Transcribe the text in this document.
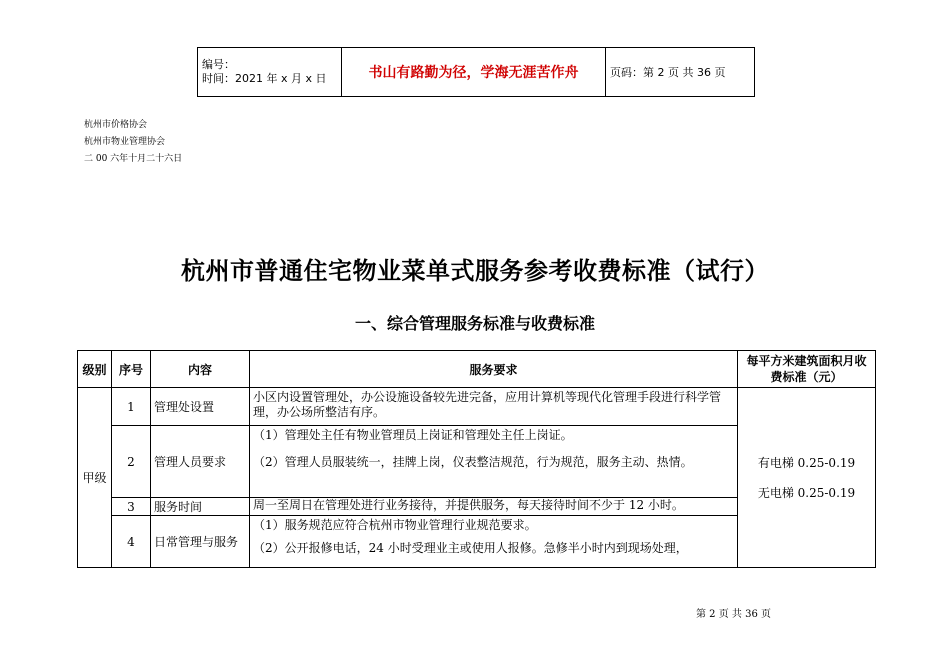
编号：
时间：2021 年 x 月 x 日	书山有路勤为径，学海无涯苦作舟	页码：第 2 页 共 36 页
杭州市价格协会
杭州市物业管理协会
二 00 六年十月二十六日
杭州市普通住宅物业菜单式服务参考收费标准（试行）
一、综合管理服务标准与收费标准
级别	序号	内容	服务要求	每平方米建筑面积月收费标准（元）
甲级	1	管理处设置	小区内设置管理处，办公设施设备较先进完备，应用计算机等现代化管理手段进行科学管理，办公场所整洁有序。	有电梯 0.25-0.19
无电梯 0.25-0.19

	2	管理人员要求	（1）管理处主任有物业管理员上岗证和管理处主任上岗证。
（2）管理人员服装统一，挂牌上岗，仪表整洁规范，行为规范，服务主动、热情。	

	3	服务时间	周一至周日在管理处进行业务接待，并提供服务，每天接待时间不少于 12 小时。	

	4	日常管理与服务	（1）服务规范应符合杭州市物业管理行业规范要求。
（2）公开报修电话，24 小时受理业主或使用人报修。急修半小时内到现场处理，	
第 2 页 共 36 页
